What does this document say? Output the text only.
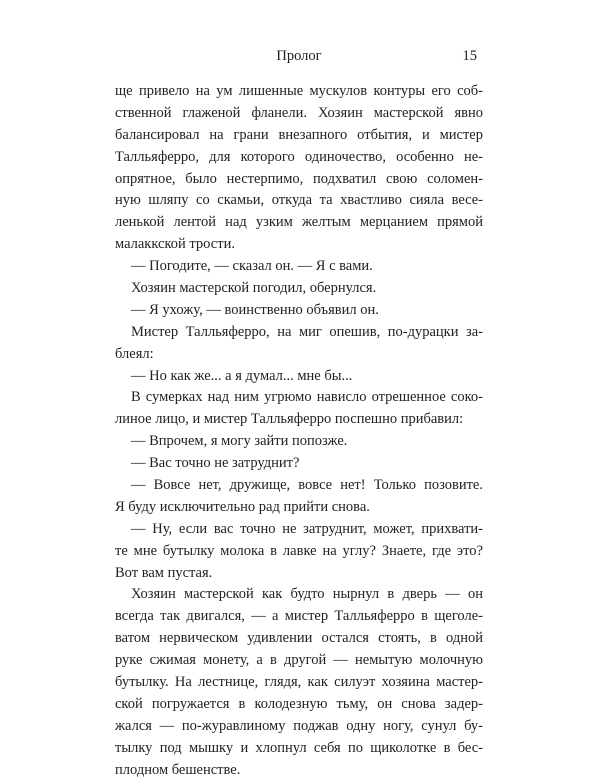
Пролог	15
ще привело на ум лишенные мускулов контуры его соб-
ственной глаженой фланели. Хозяин мастерской явно
балансировал на грани внезапного отбытия, и мистер
Талльяферро, для которого одиночество, особенно не-
опрятное, было нестерпимо, подхватил свою соломен-
ную шляпу со скамьи, откуда та хвастливо сияла весе-
ленькой лентой над узким желтым мерцанием прямой
малаккской трости.
— Погодите, — сказал он. — Я с вами.
Хозяин мастерской погодил, обернулся.
— Я ухожу, — воинственно объявил он.
Мистер Талльяферро, на миг опешив, по-дурацки за-
блеял:
— Но как же... а я думал... мне бы...
В сумерках над ним угрюмо нависло отрешенное соко-
линое лицо, и мистер Талльяферро поспешно прибавил:
— Впрочем, я могу зайти попозже.
— Вас точно не затруднит?
— Вовсе нет, дружище, вовсе нет! Только позовите.
Я буду исключительно рад прийти снова.
— Ну, если вас точно не затруднит, может, прихвати-
те мне бутылку молока в лавке на углу? Знаете, где это?
Вот вам пустая.
Хозяин мастерской как будто нырнул в дверь — он
всегда так двигался, — а мистер Талльяферро в щеголе-
ватом нервическом удивлении остался стоять, в одной
руке сжимая монету, а в другой — немытую молочную
бутылку. На лестнице, глядя, как силуэт хозяина мастер-
ской погружается в колодезную тьму, он снова задер-
жался — по-журавлиному поджав одну ногу, сунул бу-
тылку под мышку и хлопнул себя по щиколотке в бес-
плодном бешенстве.
